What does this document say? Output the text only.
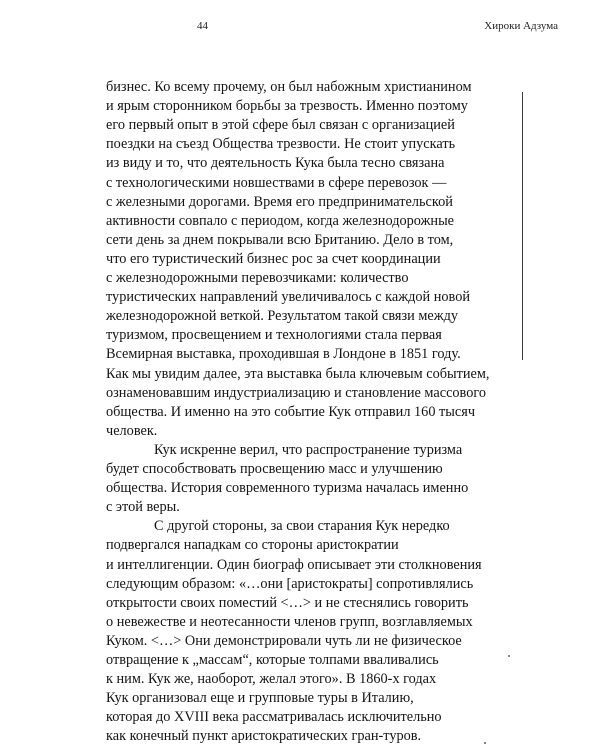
44	Хироки Адзума
бизнес. Ко всему прочему, он был набожным христианином
и ярым сторонником борьбы за трезвость. Именно поэтому
его первый опыт в этой сфере был связан с организацией
поездки на съезд Общества трезвости. Не стоит упускать
из виду и то, что деятельность Кука была тесно связана
с технологическими новшествами в сфере перевозок —
с железными дорогами. Время его предпринимательской
активности совпало с периодом, когда железнодорожные
сети день за днем покрывали всю Британию. Дело в том,
что его туристический бизнес рос за счет координации
с железнодорожными перевозчиками: количество
туристических направлений увеличивалось с каждой новой
железнодорожной веткой. Результатом такой связи между
туризмом, просвещением и технологиями стала первая
Всемирная выставка, проходившая в Лондоне в 1851 году.
Как мы увидим далее, эта выставка была ключевым событием,
ознаменовавшим индустриализацию и становление массового
общества. И именно на это событие Кук отправил 160 тысяч
человек.
Кук искренне верил, что распространение туризма
будет способствовать просвещению масс и улучшению
общества. История современного туризма началась именно
с этой веры.
С другой стороны, за свои старания Кук нередко
подвергался нападкам со стороны аристократии
и интеллигенции. Один биограф описывает эти столкновения
следующим образом: «…они [аристократы] сопротивлялись
открытости своих поместий <…> и не стеснялись говорить
о невежестве и неотесанности членов групп, возглавляемых
Куком. <…> Они демонстрировали чуть ли не физическое
отвращение к „массам“, которые толпами вваливались
к ним. Кук же, наоборот, желал этого». В 1860-х годах
Кук организовал еще и групповые туры в Италию,
которая до XVIII века рассматривалась исключительно
как конечный пункт аристократических гран-туров.
